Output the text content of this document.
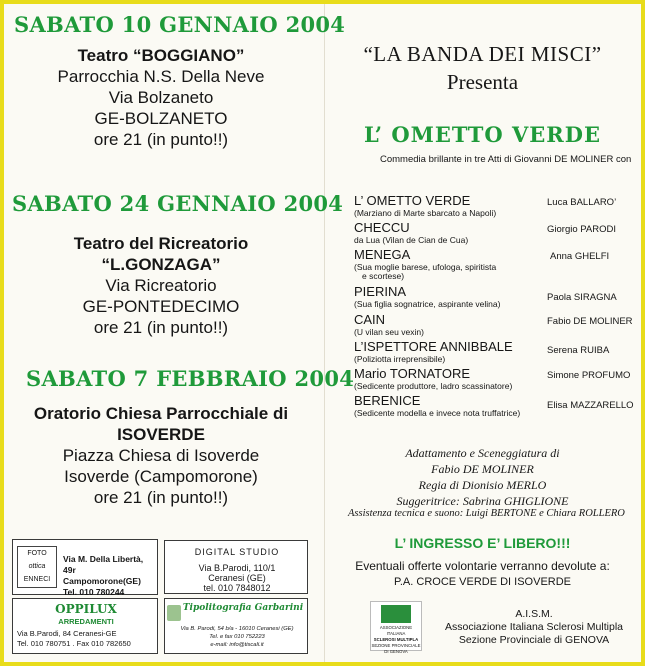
SABATO 10 GENNAIO 2004
Teatro “BOGGIANO”
Parrocchia N.S. Della Neve
Via Bolzaneto
GE-BOLZANETO
ore 21 (in punto!!)
SABATO 24 GENNAIO 2004
Teatro del Ricreatorio
“L.GONZAGA”
Via Ricreatorio
GE-PONTEDECIMO
ore 21 (in punto!!)
SABATO 7 FEBBRAIO 2004
Oratorio Chiesa Parrocchiale di
ISOVERDE
Piazza Chiesa di Isoverde
Isoverde (Campomorone)
ore 21 (in punto!!)
FOTO
ottica
ENNECI
Via M. Della Libertà, 49r
Campomorone(GE)
Tel. 010 780244
DIGITAL STUDIO
Via B.Parodi, 110/1
Ceranesi (GE)
tel. 010 7848012
OPPILUX
ARREDAMENTI
Via B.Parodi, 84 Ceranesi-GE
Tel. 010 780751 . Fax 010 782650
Tipolitografia Garbarini
Via B. Parodi, 54 b/a - 16010 Ceranesi (GE)
Tel. e fax 010 752223
e-mail: info@tiscali.it
“LA BANDA DEI MISCI”
Presenta
L’ OMETTO VERDE
Commedia brillante in tre Atti di Giovanni DE MOLINER con
L’ OMETTO VERDE
(Marziano di Marte sbarcato a Napoli)
Luca BALLARO’
CHECCU
da Lua (Vilan de Cian de Cua)
Giorgio PARODI
MENEGA
(Sua moglie barese, ufologa, spiritista
e scortese)
Anna GHELFI
PIERINA
(Sua figlia sognatrice, aspirante velina)
Paola SIRAGNA
CAIN
(U vilan seu vexin)
Fabio DE MOLINER
L’ISPETTORE ANNIBBALE
(Poliziotta irreprensibile)
Serena RUIBA
Mario TORNATORE
(Sedicente produttore, ladro scassinatore)
Simone PROFUMO
BERENICE
(Sedicente modella e invece nota truffatrice)
Elisa MAZZARELLO
Adattamento e Sceneggiatura di
Fabio DE MOLINER
Regia di Dionisio MERLO
Suggeritrice: Sabrina GHIGLIONE
Assistenza tecnica e suono: Luigi BERTONE e Chiara ROLLERO
L’ INGRESSO E’ LIBERO!!!
Eventuali offerte volontarie verranno devolute a:
P.A. CROCE VERDE DI ISOVERDE
ASSOCIAZIONE ITALIANA
SCLEROSI MULTIPLA
SEZIONE PROVINCIALE
DI GENOVA
A.I.S.M.
Associazione Italiana Sclerosi Multipla
Sezione Provinciale di GENOVA
